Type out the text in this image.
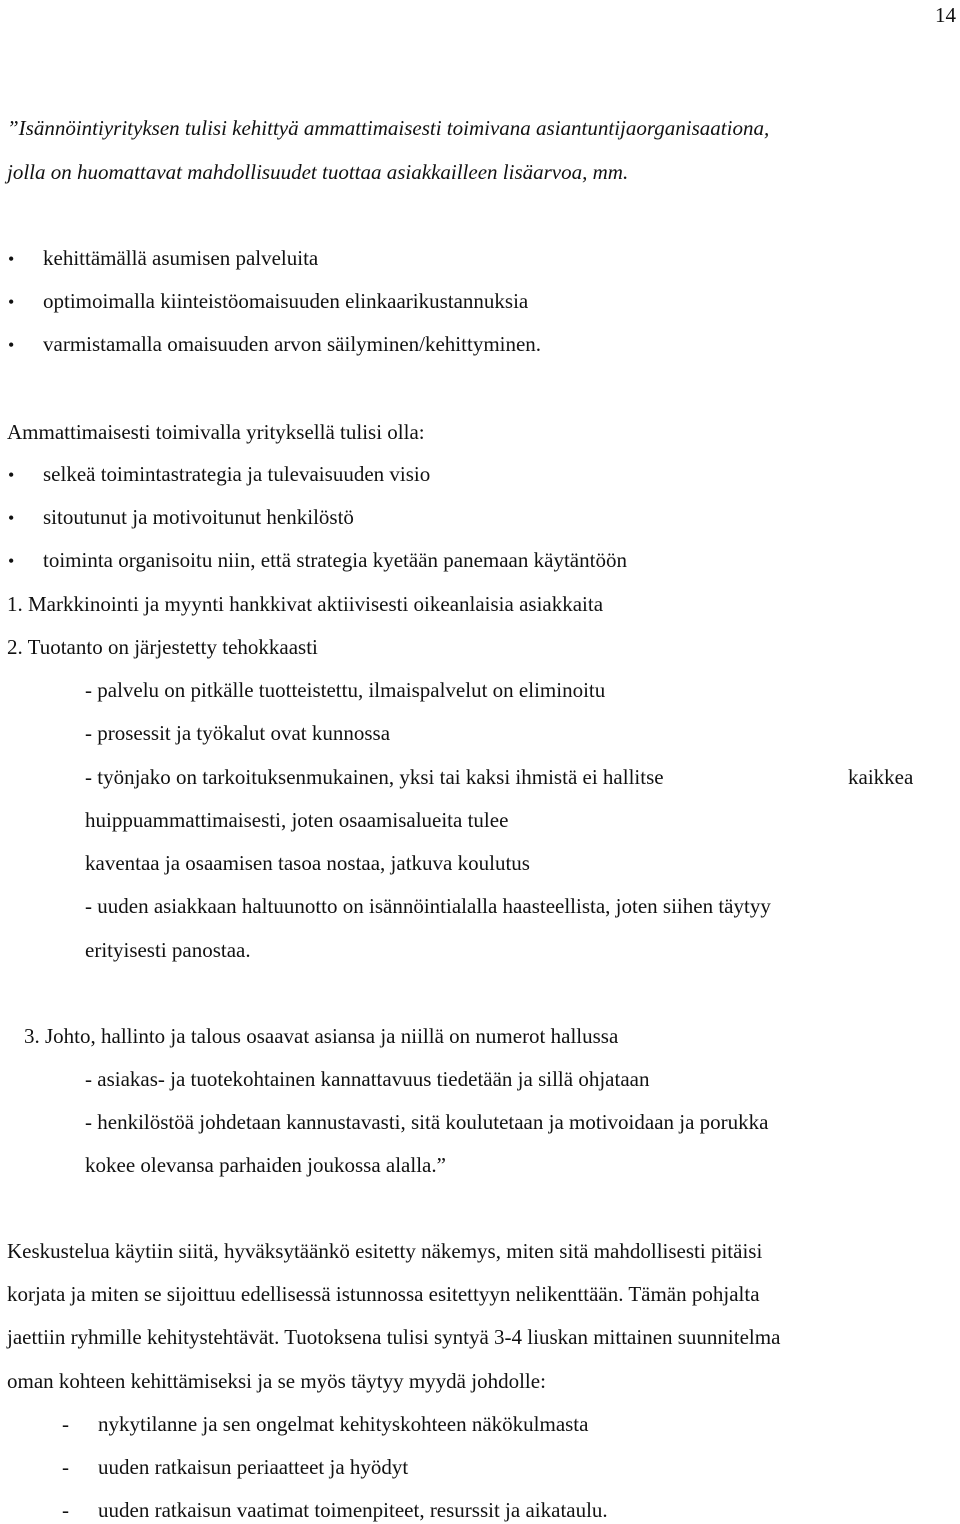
14
”Isännöintiyrityksen tulisi kehittyä ammattimaisesti toimivana asiantuntijaorganisaationa,
jolla on huomattavat mahdollisuudet tuottaa asiakkailleen lisäarvoa, mm.
• kehittämällä asumisen palveluita
• optimoimalla kiinteistöomaisuuden elinkaarikustannuksia
• varmistamalla omaisuuden arvon säilyminen/kehittyminen.
Ammattimaisesti toimivalla yrityksellä tulisi olla:
• selkeä toimintastrategia ja tulevaisuuden visio
• sitoutunut ja motivoitunut henkilöstö
• toiminta organisoitu niin, että strategia kyetään panemaan käytäntöön
1. Markkinointi ja myynti hankkivat aktiivisesti oikeanlaisia asiakkaita
2. Tuotanto on järjestetty tehokkaasti
- palvelu on pitkälle tuotteistettu, ilmaispalvelut on eliminoitu
- prosessit ja työkalut ovat kunnossa
- työnjako on tarkoituksenmukainen, yksi tai kaksi ihmistä ei hallitse	kaikkea
huippuammattimaisesti, joten osaamisalueita tulee
kaventaa ja osaamisen tasoa nostaa, jatkuva koulutus
- uuden asiakkaan haltuunotto on isännöintialalla haasteellista, joten siihen täytyy
erityisesti panostaa.
3. Johto, hallinto ja talous osaavat asiansa ja niillä on numerot hallussa
- asiakas- ja tuotekohtainen kannattavuus tiedetään ja sillä ohjataan
- henkilöstöä johdetaan kannustavasti, sitä koulutetaan ja motivoidaan ja porukka
kokee olevansa parhaiden joukossa alalla.”
Keskustelua käytiin siitä, hyväksytäänkö esitetty näkemys, miten sitä mahdollisesti pitäisi
korjata ja miten se sijoittuu edellisessä istunnossa esitettyyn nelikenttään. Tämän pohjalta
jaettiin ryhmille kehitystehtävät. Tuotoksena tulisi syntyä 3-4 liuskan mittainen suunnitelma
oman kohteen kehittämiseksi ja se myös täytyy myydä johdolle:
- nykytilanne ja sen ongelmat kehityskohteen näkökulmasta
- uuden ratkaisun periaatteet ja hyödyt
- uuden ratkaisun vaatimat toimenpiteet, resurssit ja aikataulu.
